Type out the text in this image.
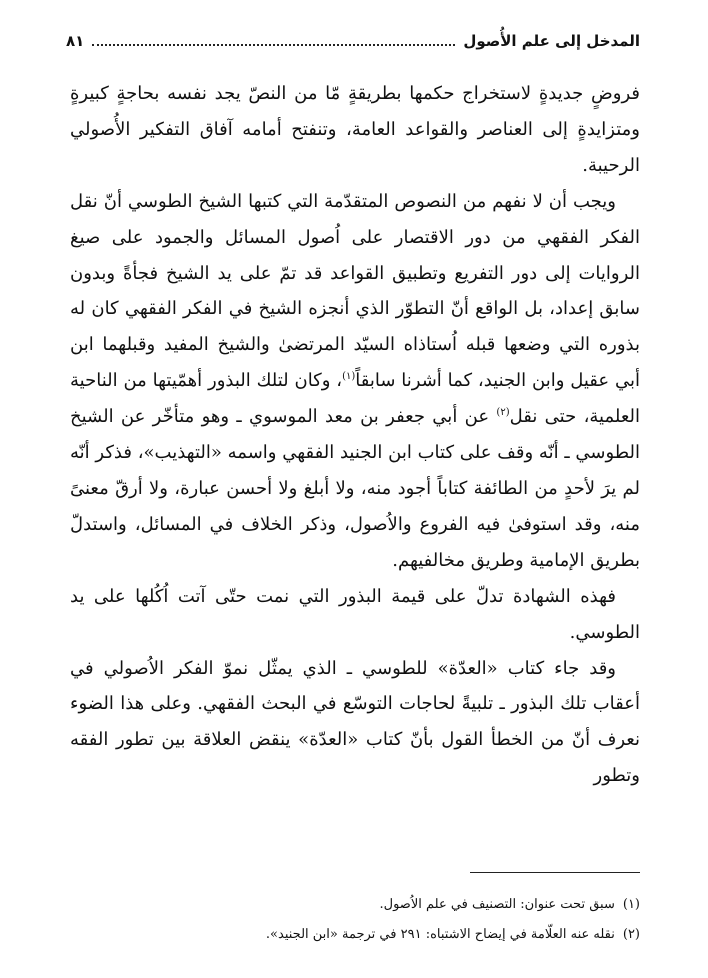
المدخل إلى علم الأُصول
٨١

فروضٍ جديدةٍ لاستخراج حكمها بطريقةٍ مّا من النصّ يجد نفسه بحاجةٍ كبيرةٍ ومتزايدةٍ إلى العناصر والقواعد العامة، وتنفتح أمامه آفاق التفكير الأُصولي الرحيبة.

ويجب أن لا نفهم من النصوص المتقدّمة التي كتبها الشيخ الطوسي أنّ نقل الفكر الفقهي من دور الاقتصار على اُصول المسائل والجمود على صيغ الروايات إلى دور التفريع وتطبيق القواعد قد تمّ على يد الشيخ فجأةً وبدون سابق إعداد، بل الواقع أنّ التطوّر الذي أنجزه الشيخ في الفكر الفقهي كان له بذوره التي وضعها قبله اُستاذاه السيّد المرتضىٰ والشيخ المفيد وقبلهما ابن أبي عقيل وابن الجنيد، كما أشرنا سابقاً$^{(١)}$، وكان لتلك البذور أهمّيتها من الناحية العلمية، حتى نقل$^{(٢)}$ عن أبي جعفر بن معد الموسوي ـ وهو متأخّر عن الشيخ الطوسي ـ أنّه وقف على كتاب ابن الجنيد الفقهي واسمه «التهذيب»، فذكر أنّه لم يرَ لأحدٍ من الطائفة كتاباً أجود منه، ولا أبلغ ولا أحسن عبارة، ولا أرقّ معنىً منه، وقد استوفىٰ فيه الفروع والاُصول، وذكر الخلاف في المسائل، واستدلّ بطريق الإمامية وطريق مخالفيهم.

فهذه الشهادة تدلّ على قيمة البذور التي نمت حتّى آتت اُكُلها على يد الطوسي.

وقد جاء كتاب «العدّة» للطوسي ـ الذي يمثّل نموّ الفكر الاُصولي في أعقاب تلك البذور ـ تلبيةً لحاجات التوسّع في البحث الفقهي. وعلى هذا الضوء نعرف أنّ من الخطأ القول بأنّ كتاب «العدّة» ينقض العلاقة بين تطور الفقه وتطور

(١)سبق تحت عنوان: التصنيف في علم الاُصول.
(٢)نقله عنه العلّامة في إيضاح الاشتباه: ٢٩١ في ترجمة «ابن الجنيد».
